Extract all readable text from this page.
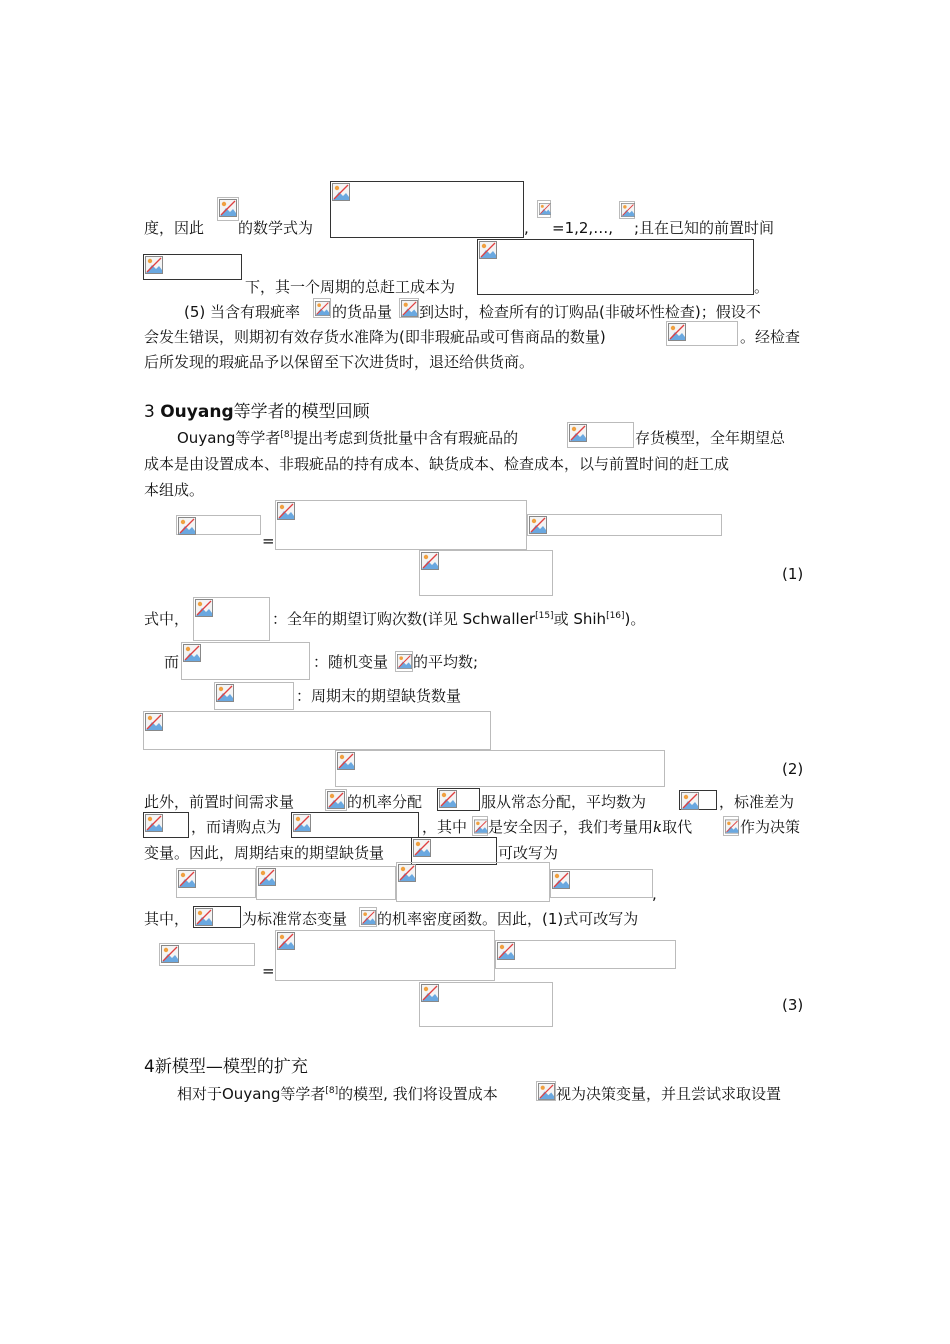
度，因此 的数学式为	, =1,2,…, ;且在已知的前置时间
下，其一个周期的总赶工成本为	。
(5) 当含有瑕疵率 的货品量 到达时，检查所有的订购品(非破坏性检查)；假设不
会发生错误，则期初有效存货水准降为(即非瑕疵品或可售商品的数量)	。经检查
后所发现的瑕疵品予以保留至下次进货时，退还给供货商。
3 Ouyang等学者的模型回顾
Ouyang等学者[8]提出考虑到货批量中含有瑕疵品的	存货模型，全年期望总
成本是由设置成本、非瑕疵品的持有成本、缺货成本、检查成本，以与前置时间的赶工成
本组成。
=
(1)
式中，	：全年的期望订购次数(详见 Schwaller[15]或 Shih[16])。
而	：随机变量 的平均数;
：周期末的期望缺货数量
(2)
此外，前置时间需求量	的机率分配	服从常态分配，平均数为	，标准差为
，而请购点为	，其中 是安全因子，我们考量用k取代	作为决策
变量。因此，周期结束的期望缺货量	可改写为
,
其中，	为标准常态变量 的机率密度函数。因此，(1)式可改写为
=
(3)
4新模型—模型的扩充
相对于Ouyang等学者[8]的模型, 我们将设置成本	视为决策变量，并且尝试求取设置
